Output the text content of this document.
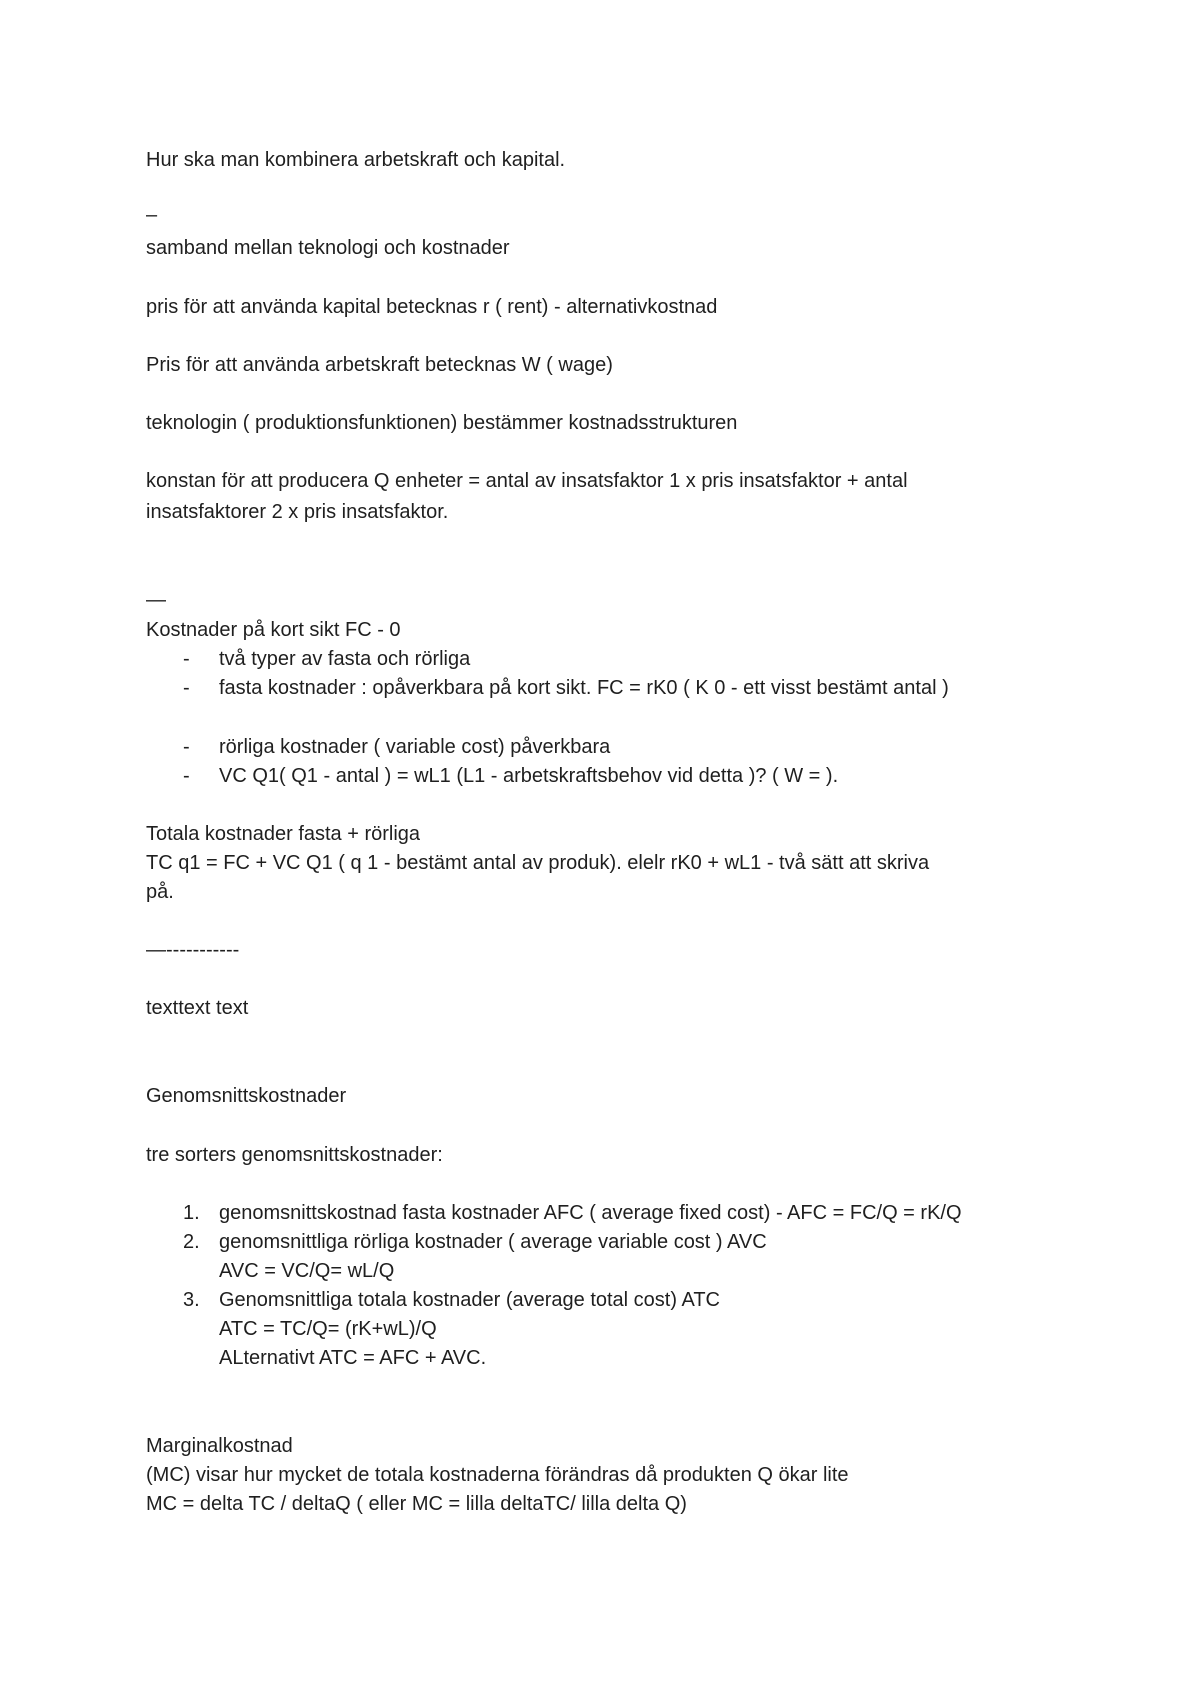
Hur ska man kombinera arbetskraft och kapital.
–
samband mellan teknologi och kostnader
pris för att använda kapital betecknas r ( rent) - alternativkostnad
Pris för att använda arbetskraft betecknas W ( wage)
teknologin ( produktionsfunktionen) bestämmer kostnadsstrukturen
konstan för att producera Q enheter = antal av insatsfaktor 1 x pris insatsfaktor + antal
insatsfaktorer 2 x pris insatsfaktor.
—
Kostnader på kort sikt FC - 0
- två typer av fasta och rörliga
- fasta kostnader : opåverkbara på kort sikt. FC = rK0 ( K 0 - ett visst bestämt antal )
- rörliga kostnader ( variable cost) påverkbara
- VC Q1( Q1 - antal ) = wL1 (L1 - arbetskraftsbehov vid detta )? ( W = ).
Totala kostnader fasta + rörliga
TC q1 = FC + VC Q1 ( q 1 - bestämt antal av produk). elelr rK0 + wL1 - två sätt att skriva
på.
—-----------
texttext text
Genomsnittskostnader
tre sorters genomsnittskostnader:
1. genomsnittskostnad fasta kostnader AFC ( average fixed cost) - AFC = FC/Q = rK/Q
2. genomsnittliga rörliga kostnader ( average variable cost ) AVC
AVC = VC/Q= wL/Q
3. Genomsnittliga totala kostnader (average total cost) ATC
ATC = TC/Q= (rK+wL)/Q
ALternativt ATC = AFC + AVC.
Marginalkostnad
(MC) visar hur mycket de totala kostnaderna förändras då produkten Q ökar lite
MC = delta TC / deltaQ ( eller MC = lilla deltaTC/ lilla delta Q)
